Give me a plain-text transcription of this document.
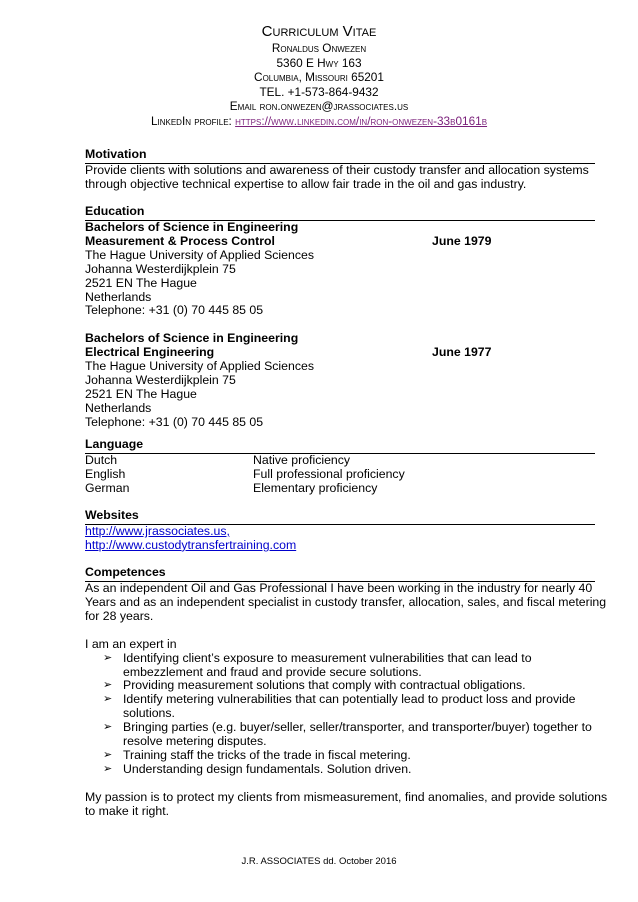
Curriculum Vitae
Ronaldus Onwezen
5360 E Hwy 163
Columbia, Missouri 65201
TEL. +1-573-864-9432
Email ron.onwezen@jrassociates.us
LinkedIn profile: https://www.linkedin.com/in/ron-onwezen-33b0161b
Motivation
Provide clients with solutions and awareness of their custody transfer and allocation systems
through objective technical expertise to allow fair trade in the oil and gas industry.
Education
Bachelors of Science in Engineering
Measurement & Process Control	June 1979
The Hague University of Applied Sciences
Johanna Westerdijkplein 75
2521 EN The Hague
Netherlands
Telephone: +31 (0) 70 445 85 05
Bachelors of Science in Engineering
Electrical Engineering	June 1977
The Hague University of Applied Sciences
Johanna Westerdijkplein 75
2521 EN The Hague
Netherlands
Telephone: +31 (0) 70 445 85 05
Language
Dutch	Native proficiency
English	Full professional proficiency
German	Elementary proficiency
Websites
http://www.jrassociates.us,
http://www.custodytransfertraining.com
Competences
As an independent Oil and Gas Professional I have been working in the industry for nearly 40
Years and as an independent specialist in custody transfer, allocation, sales, and fiscal metering
for 28 years.
I am an expert in
➢ Identifying client’s exposure to measurement vulnerabilities that can lead to
embezzlement and fraud and provide secure solutions.
➢ Providing measurement solutions that comply with contractual obligations.
➢ Identify metering vulnerabilities that can potentially lead to product loss and provide
solutions.
➢ Bringing parties (e.g. buyer/seller, seller/transporter, and transporter/buyer) together to
resolve metering disputes.
➢ Training staff the tricks of the trade in fiscal metering.
➢ Understanding design fundamentals. Solution driven.
My passion is to protect my clients from mismeasurement, find anomalies, and provide solutions
to make it right.
J.R. ASSOCIATES dd. October 2016
